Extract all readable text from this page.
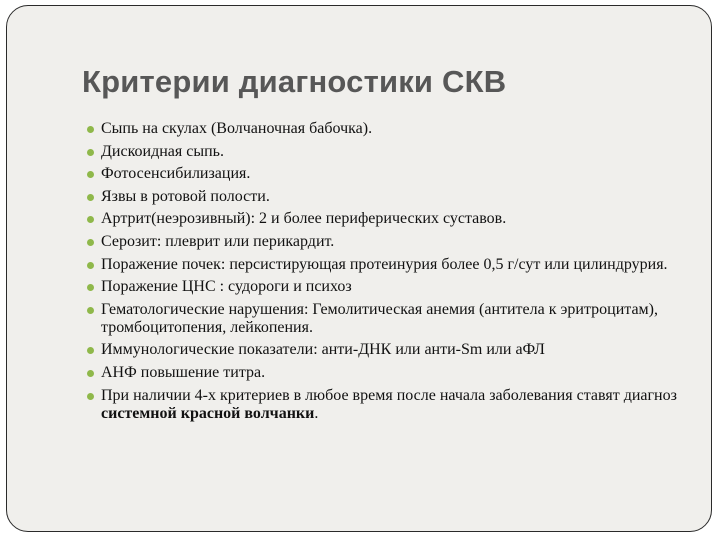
Критерии диагностики СКВ
Сыпь на скулах (Волчаночная бабочка).
Дискоидная сыпь.
Фотосенсибилизация.
Язвы в ротовой полости.
Артрит(неэрозивный): 2 и более периферических суставов.
Серозит: плеврит или перикардит.
Поражение почек: персистирующая протеинурия более 0,5 г/сут или цилиндрурия.
Поражение ЦНС : судороги и психоз
Гематологические нарушения: Гемолитическая анемия (антитела к эритроцитам), тромбоцитопения, лейкопения.
Иммунологические показатели: анти-ДНК или анти-Sm или аФЛ
АНФ повышение титра.
При наличии 4-х критериев в любое время после начала заболевания ставят диагноз системной красной волчанки.
